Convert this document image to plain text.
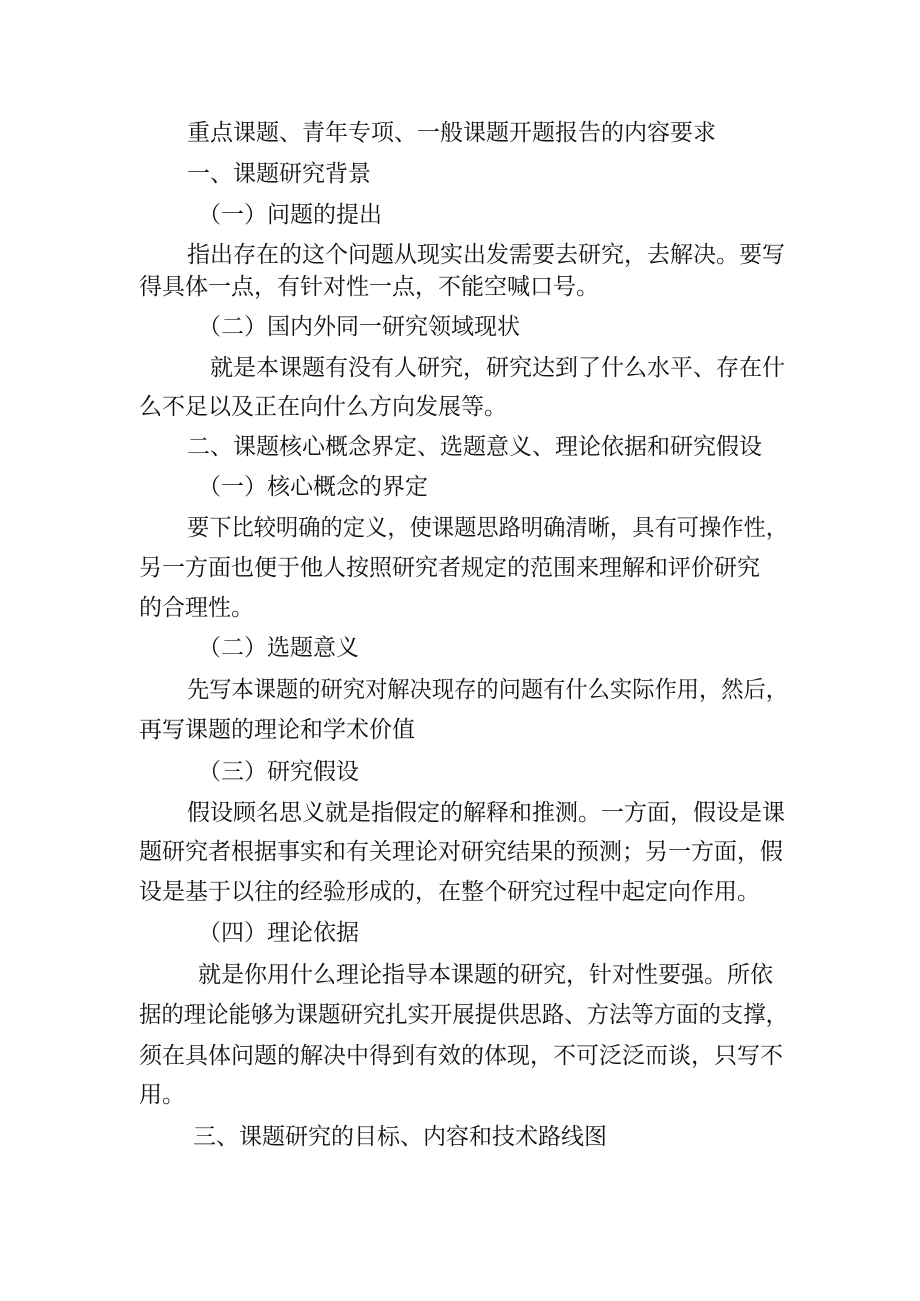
重点课题、青年专项、一般课题开题报告的内容要求
一、课题研究背景
（一）问题的提出
指出存在的这个问题从现实出发需要去研究，去解决。要写
得具体一点，有针对性一点，不能空喊口号。
（二）国内外同一研究领域现状
就是本课题有没有人研究，研究达到了什么水平、存在什
么不足以及正在向什么方向发展等。
二、课题核心概念界定、选题意义、理论依据和研究假设
（一）核心概念的界定
要下比较明确的定义，使课题思路明确清晰，具有可操作性，
另一方面也便于他人按照研究者规定的范围来理解和评价研究
的合理性。
（二）选题意义
先写本课题的研究对解决现存的问题有什么实际作用，然后，
再写课题的理论和学术价值
（三）研究假设
假设顾名思义就是指假定的解释和推测。一方面，假设是课
题研究者根据事实和有关理论对研究结果的预测；另一方面，假
设是基于以往的经验形成的，在整个研究过程中起定向作用。
（四）理论依据
就是你用什么理论指导本课题的研究，针对性要强。所依
据的理论能够为课题研究扎实开展提供思路、方法等方面的支撑，
须在具体问题的解决中得到有效的体现，不可泛泛而谈，只写不
用。
三、课题研究的目标、内容和技术路线图
